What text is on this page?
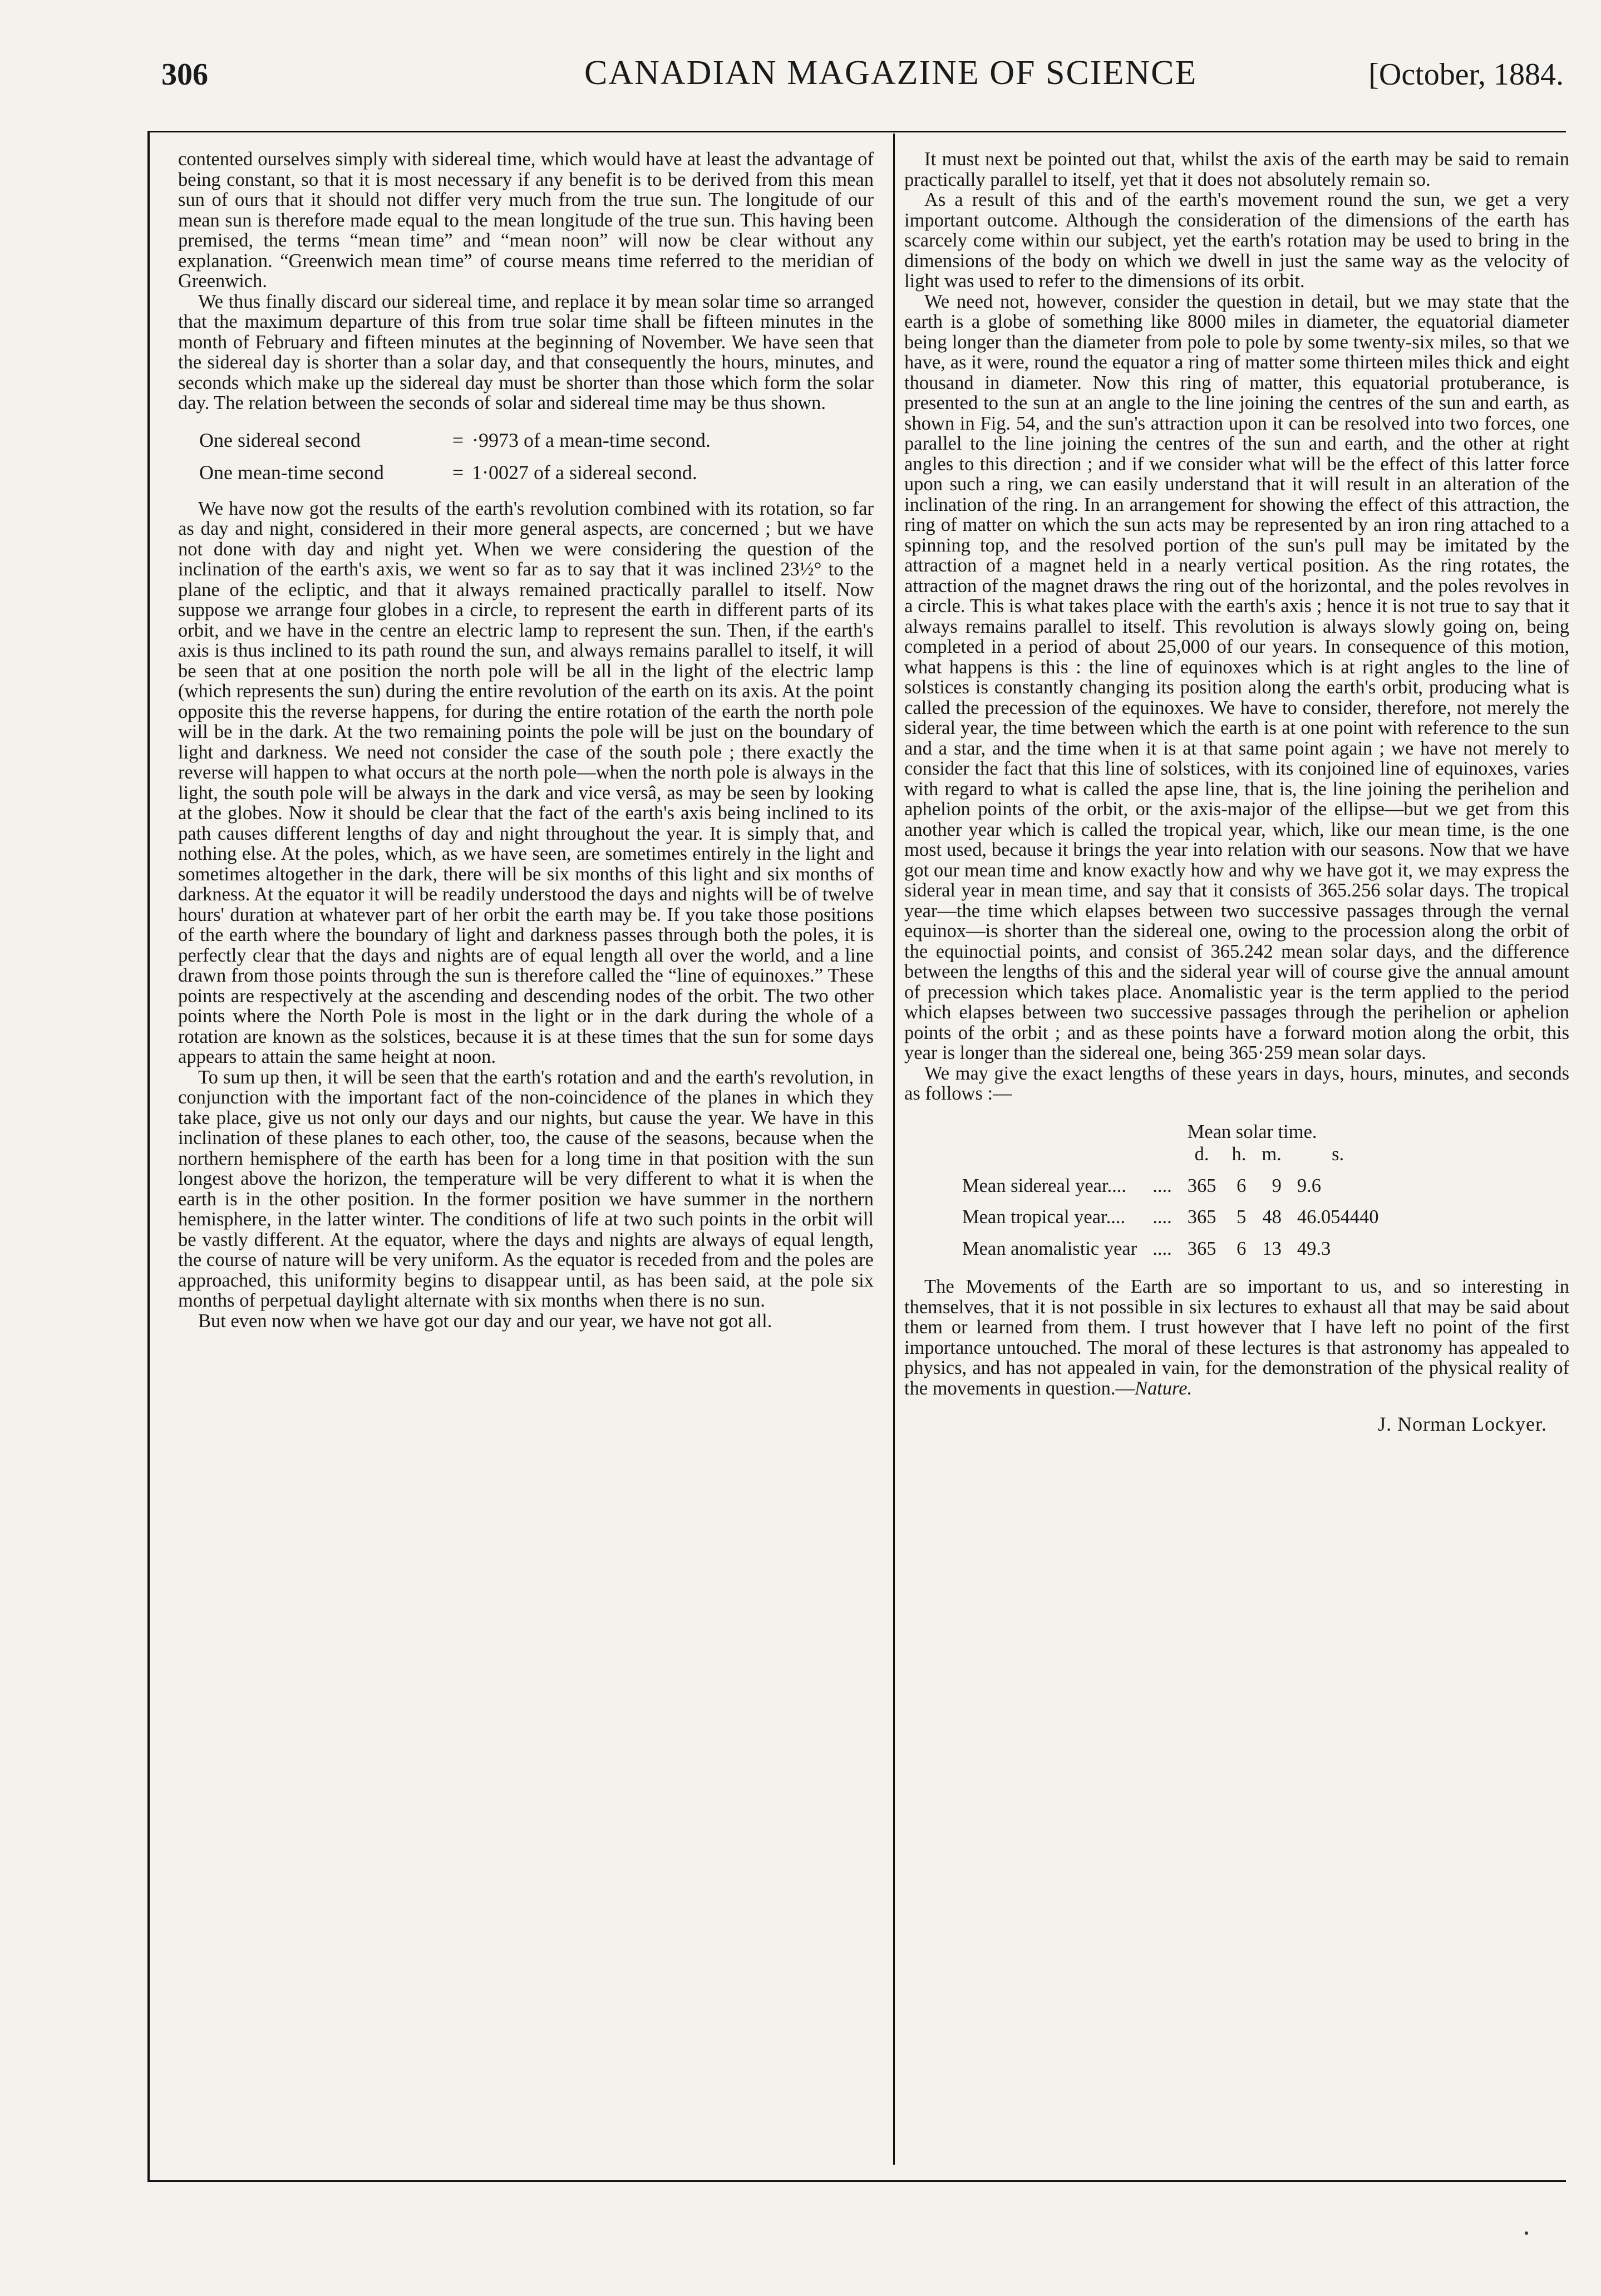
306	CANADIAN MAGAZINE OF SCIENCE	[October, 1884.

contented ourselves simply with sidereal time, which would have at least the advantage of being constant, so that it is most necessary if any benefit is to be derived from this mean sun of ours that it should not differ very much from the true sun. The longitude of our mean sun is therefore made equal to the mean longitude of the true sun. This having been premised, the terms “mean time” and “mean noon” will now be clear without any explanation. “Greenwich mean time” of course means time referred to the meridian of Greenwich.

We thus finally discard our sidereal time, and replace it by mean solar time so arranged that the maximum departure of this from true solar time shall be fifteen minutes in the month of February and fifteen minutes at the beginning of November. We have seen that the sidereal day is shorter than a solar day, and that consequently the hours, minutes, and seconds which make up the sidereal day must be shorter than those which form the solar day. The relation between the seconds of solar and sidereal time may be thus shown.

One sidereal second	= ·9973 of a mean-time second.
One mean-time second	= 1·0027 of a sidereal second.

We have now got the results of the earth's revolution combined with its rotation, so far as day and night, considered in their more general aspects, are concerned ; but we have not done with day and night yet. When we were considering the question of the inclination of the earth's axis, we went so far as to say that it was inclined 23½° to the plane of the ecliptic, and that it always remained practically parallel to itself. Now suppose we arrange four globes in a circle, to represent the earth in different parts of its orbit, and we have in the centre an electric lamp to represent the sun. Then, if the earth's axis is thus inclined to its path round the sun, and always remains parallel to itself, it will be seen that at one position the north pole will be all in the light of the electric lamp (which represents the sun) during the entire revolution of the earth on its axis. At the point opposite this the reverse happens, for during the entire rotation of the earth the north pole will be in the dark. At the two remaining points the pole will be just on the boundary of light and darkness. We need not consider the case of the south pole ; there exactly the reverse will happen to what occurs at the north pole—when the north pole is always in the light, the south pole will be always in the dark and vice versâ, as may be seen by looking at the globes. Now it should be clear that the fact of the earth's axis being inclined to its path causes different lengths of day and night throughout the year. It is simply that, and nothing else. At the poles, which, as we have seen, are sometimes entirely in the light and sometimes altogether in the dark, there will be six months of this light and six months of darkness. At the equator it will be readily understood the days and nights will be of twelve hours' duration at whatever part of her orbit the earth may be. If you take those positions of the earth where the boundary of light and darkness passes through both the poles, it is perfectly clear that the days and nights are of equal length all over the world, and a line drawn from those points through the sun is therefore called the “line of equinoxes.” These points are respectively at the ascending and descending nodes of the orbit. The two other points where the North Pole is most in the light or in the dark during the whole of a rotation are known as the solstices, because it is at these times that the sun for some days appears to attain the same height at noon.

To sum up then, it will be seen that the earth's rotation and and the earth's revolution, in conjunction with the important fact of the non-coincidence of the planes in which they take place, give us not only our days and our nights, but cause the year. We have in this inclination of these planes to each other, too, the cause of the seasons, because when the northern hemisphere of the earth has been for a long time in that position with the sun longest above the horizon, the temperature will be very different to what it is when the earth is in the other position. In the former position we have summer in the northern hemisphere, in the latter winter. The conditions of life at two such points in the orbit will be vastly different. At the equator, where the days and nights are always of equal length, the course of nature will be very uniform. As the equator is receded from and the poles are approached, this uniformity begins to disappear until, as has been said, at the pole six months of perpetual daylight alternate with six months when there is no sun.

But even now when we have got our day and our year, we have not got all.

It must next be pointed out that, whilst the axis of the earth may be said to remain practically parallel to itself, yet that it does not absolutely remain so.

As a result of this and of the earth's movement round the sun, we get a very important outcome. Although the consideration of the dimensions of the earth has scarcely come within our subject, yet the earth's rotation may be used to bring in the dimensions of the body on which we dwell in just the same way as the velocity of light was used to refer to the dimensions of its orbit.

We need not, however, consider the question in detail, but we may state that the earth is a globe of something like 8000 miles in diameter, the equatorial diameter being longer than the diameter from pole to pole by some twenty-six miles, so that we have, as it were, round the equator a ring of matter some thirteen miles thick and eight thousand in diameter. Now this ring of matter, this equatorial protuberance, is presented to the sun at an angle to the line joining the centres of the sun and earth, as shown in Fig. 54, and the sun's attraction upon it can be resolved into two forces, one parallel to the line joining the centres of the sun and earth, and the other at right angles to this direction ; and if we consider what will be the effect of this latter force upon such a ring, we can easily understand that it will result in an alteration of the inclination of the ring. In an arrangement for showing the effect of this attraction, the ring of matter on which the sun acts may be represented by an iron ring attached to a spinning top, and the resolved portion of the sun's pull may be imitated by the attraction of a magnet held in a nearly vertical position. As the ring rotates, the attraction of the magnet draws the ring out of the horizontal, and the poles revolves in a circle. This is what takes place with the earth's axis ; hence it is not true to say that it always remains parallel to itself. This revolution is always slowly going on, being completed in a period of about 25,000 of our years. In consequence of this motion, what happens is this : the line of equinoxes which is at right angles to the line of solstices is constantly changing its position along the earth's orbit, producing what is called the precession of the equinoxes. We have to consider, therefore, not merely the sideral year, the time between which the earth is at one point with reference to the sun and a star, and the time when it is at that same point again ; we have not merely to consider the fact that this line of solstices, with its conjoined line of equinoxes, varies with regard to what is called the apse line, that is, the line joining the perihelion and aphelion points of the orbit, or the axis-major of the ellipse—but we get from this another year which is called the tropical year, which, like our mean time, is the one most used, because it brings the year into relation with our seasons. Now that we have got our mean time and know exactly how and why we have got it, we may express the sideral year in mean time, and say that it consists of 365.256 solar days. The tropical year—the time which elapses between two successive passages through the vernal equinox—is shorter than the sidereal one, owing to the procession along the orbit of the equinoctial points, and consist of 365.242 mean solar days, and the difference between the lengths of this and the sideral year will of course give the annual amount of precession which takes place. Anomalistic year is the term applied to the period which elapses between two successive passages through the perihelion or aphelion points of the orbit ; and as these points have a forward motion along the orbit, this year is longer than the sidereal one, being 365·259 mean solar days.

We may give the exact lengths of these years in days, hours, minutes, and seconds as follows :—

		Mean solar time.			
		d.	h.	m.	s.
Mean sidereal year....	....	365	6	9	9.6
Mean tropical year....	....	365	5	48	46.054440
Mean anomalistic year	....	365	6	13	49.3

The Movements of the Earth are so important to us, and so interesting in themselves, that it is not possible in six lectures to exhaust all that may be said about them or learned from them. I trust however that I have left no point of the first importance untouched. The moral of these lectures is that astronomy has appealed to physics, and has not appealed in vain, for the demonstration of the physical reality of the movements in question.—Nature.

J. Norman Lockyer.
